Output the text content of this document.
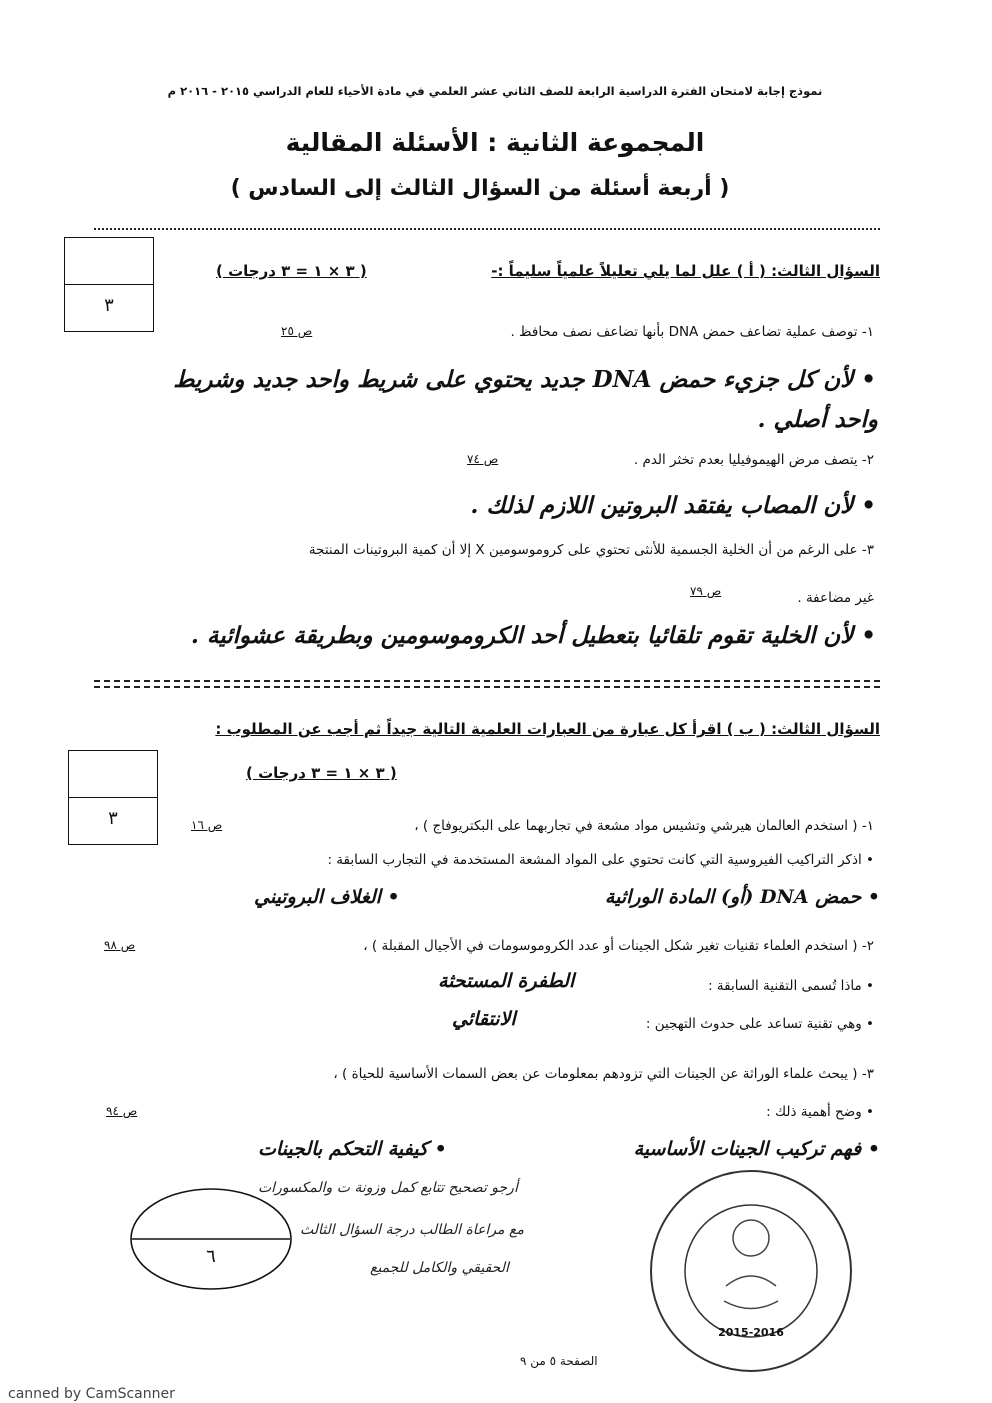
نموذج إجابة لامتحان الفترة الدراسية الرابعة للصف الثاني عشر العلمي في مادة الأحياء للعام الدراسي ٢٠١٥ - ٢٠١٦ م
المجموعة الثانية : الأسئلة المقالية
( أربعة أسئلة من السؤال الثالث إلى السادس )
٣
السؤال الثالث: ( أ ) علل لما يلي تعليلاً علمياً سليماً :-
( ٣ × ١ = ٣ درجات )
١- توصف عملية تضاعف حمض DNA بأنها تضاعف نصف محافظ .
ص ٢٥
• لأن كل جزيء حمض DNA جديد يحتوي على شريط واحد جديد وشريط
واحد أصلي .
٢- يتصف مرض الهيموفيليا بعدم تخثر الدم .
ص ٧٤
• لأن المصاب يفتقد البروتين اللازم لذلك .
٣- على الرغم من أن الخلية الجسمية للأنثى تحتوي على كروموسومين X إلا أن كمية البروتينات المنتجة
غير مضاعفة .
ص ٧٩
• لأن الخلية تقوم تلقائيا بتعطيل أحد الكروموسومين وبطريقة عشوائية .
السؤال الثالث: ( ب ) اقرأ كل عبارة من العبارات العلمية التالية جيداً ثم أجب عن المطلوب :
٣
( ٣ × ١ = ٣ درجات )
١- ( استخدم العالمان هيرشي وتشيس مواد مشعة في تجاربهما على البكتريوفاج ) ،
ص ١٦
• اذكر التراكيب الفيروسية التي كانت تحتوي على المواد المشعة المستخدمة في التجارب السابقة :
• حمض DNA (أو) المادة الوراثية
• الغلاف البروتيني
٢- ( استخدم العلماء تقنيات تغير شكل الجينات أو عدد الكروموسومات في الأجيال المقبلة ) ،
ص ٩٨
• ماذا تُسمى التقنية السابقة :
الطفرة المستحثة
• وهي تقنية تساعد على حدوث التهجين :
الانتقائي
٣- ( يبحث علماء الوراثة عن الجينات التي تزودهم بمعلومات عن بعض السمات الأساسية للحياة ) ،
ص ٩٤	• وضح أهمية ذلك :
• فهم تركيب الجينات الأساسية
• كيفية التحكم بالجينات
٦
أرجو تصحيح تتابع كمل وزونة ت والمكسورات
مع مراعاة الطالب درجة السؤال الثالث
الحقيقي والكامل للجميع
2015-2016
الصفحة ٥ من ٩
canned by CamScanner
